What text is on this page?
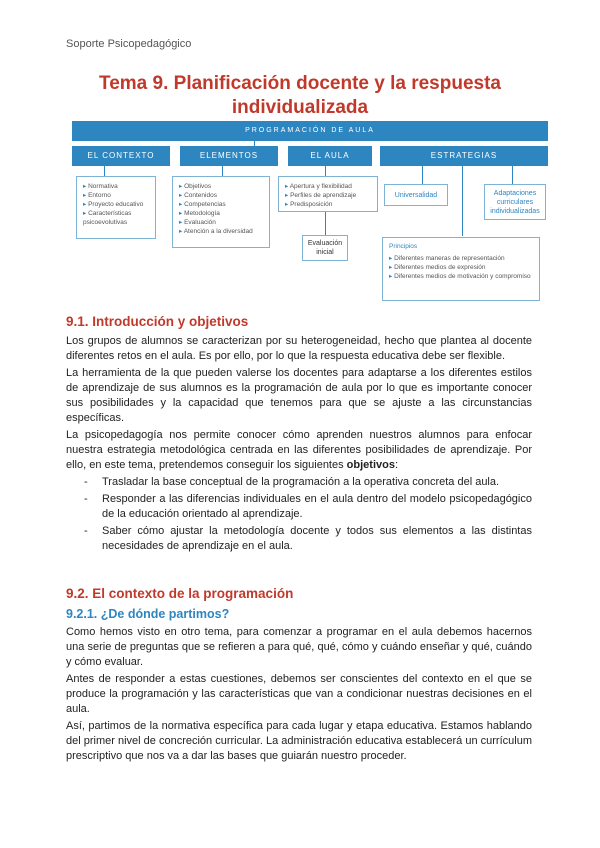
Soporte Psicopedagógico
Tema 9. Planificación docente y la respuesta individualizada
PROGRAMACIÓN DE AULA
EL CONTEXTO	ELEMENTOS	EL AULA	ESTRATEGIAS
▸ Normativa
▸ Entorno
▸ Proyecto educativo
▸ Características psicoevolutivas
▸ Objetivos
▸ Contenidos
▸ Competencias
▸ Metodología
▸ Evaluación
▸ Atención a la diversidad
▸ Apertura y flexibilidad
▸ Perfiles de aprendizaje
▸ Predisposición
Evaluación inicial
Universalidad	Adaptaciones curriculares individualizadas
Principios
▸ Diferentes maneras de representación
▸ Diferentes medios de expresión
▸ Diferentes medios de motivación y compromiso
9.1. Introducción y objetivos

Los grupos de alumnos se caracterizan por su heterogeneidad, hecho que plantea al docente diferentes retos en el aula. Es por ello, por lo que la respuesta educativa debe ser flexible.

La herramienta de la que pueden valerse los docentes para adaptarse a los diferentes estilos de aprendizaje de sus alumnos es la programación de aula por lo que es importante conocer sus posibilidades y la capacidad que tenemos para que se ajuste a las circunstancias específicas.

La psicopedagogía nos permite conocer cómo aprenden nuestros alumnos para enfocar nuestra estrategia metodológica centrada en las diferentes posibilidades de aprendizaje. Por ello, en este tema, pretendemos conseguir los siguientes objetivos:

- Trasladar la base conceptual de la programación a la operativa concreta del aula.
- Responder a las diferencias individuales en el aula dentro del modelo psicopedagógico de la educación orientado al aprendizaje.
- Saber cómo ajustar la metodología docente y todos sus elementos a las distintas necesidades de aprendizaje en el aula.
9.2. El contexto de la programación
9.2.1. ¿De dónde partimos?

Como hemos visto en otro tema, para comenzar a programar en el aula debemos hacernos una serie de preguntas que se refieren a para qué, qué, cómo y cuándo enseñar y qué, cuándo y cómo evaluar.

Antes de responder a estas cuestiones, debemos ser conscientes del contexto en el que se produce la programación y las características que van a condicionar nuestras decisiones en el aula.

Así, partimos de la normativa específica para cada lugar y etapa educativa. Estamos hablando del primer nivel de concreción curricular. La administración educativa establecerá un currículum prescriptivo que nos va a dar las bases que guiarán nuestro proceder.
